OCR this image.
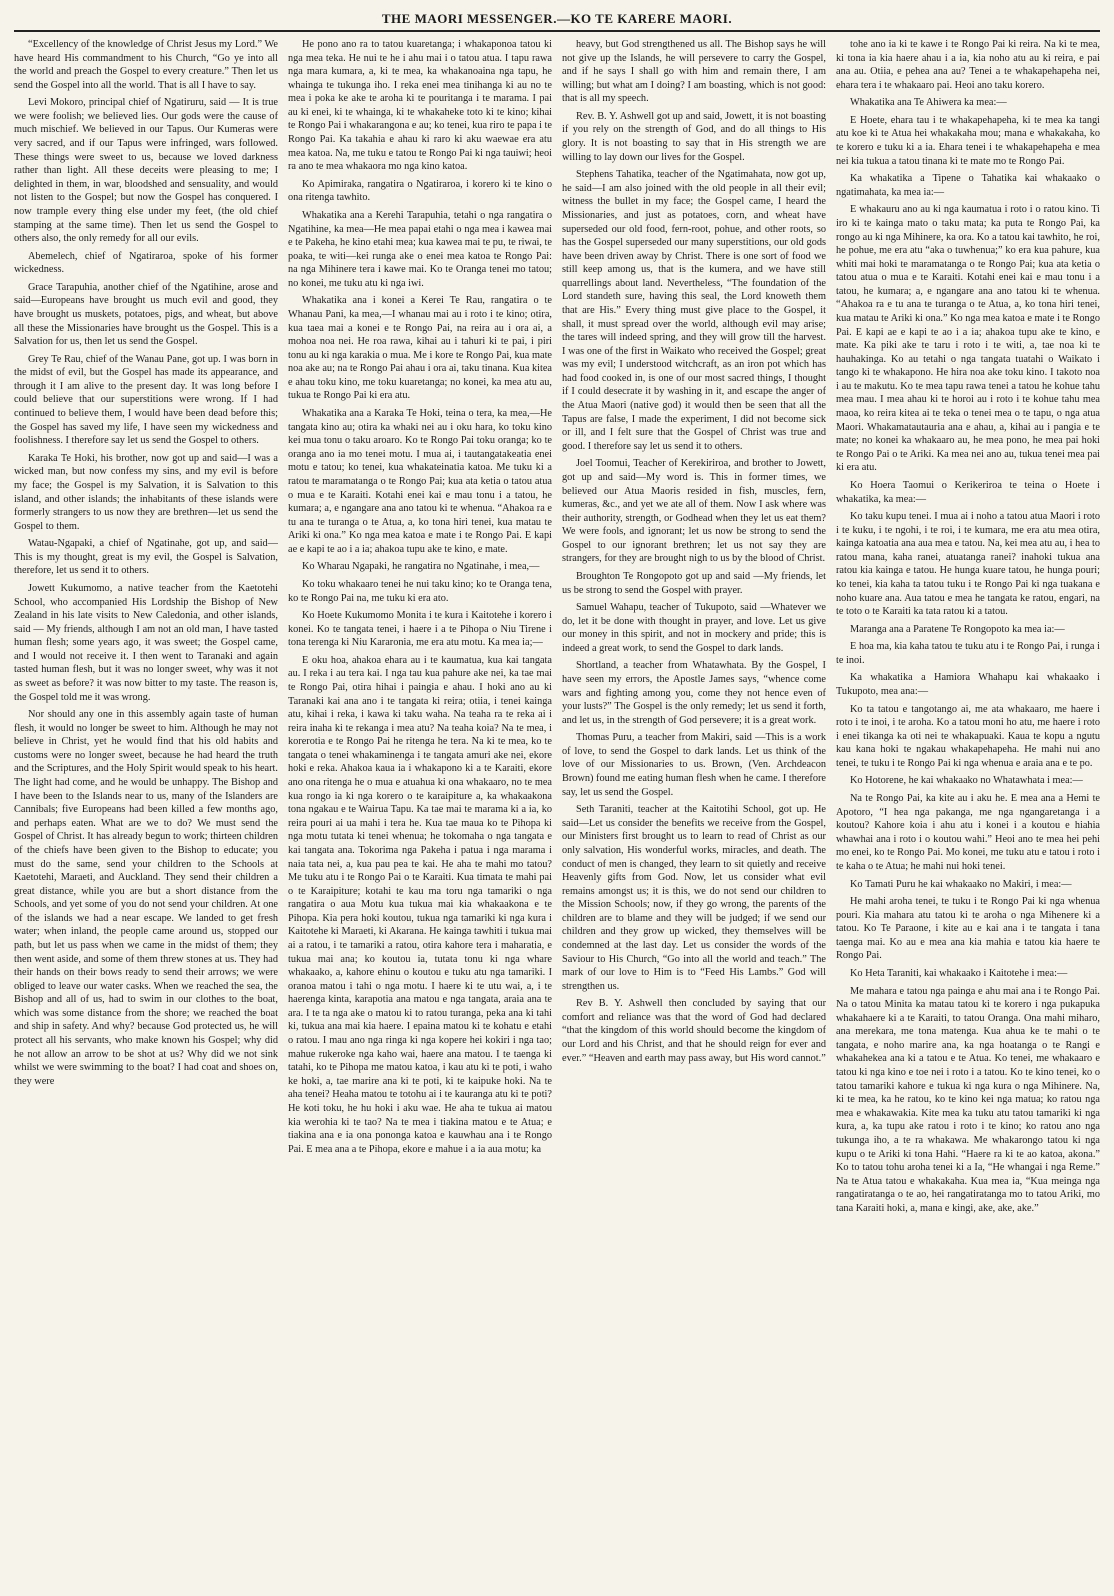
THE MAORI MESSENGER.—KO TE KARERE MAORI.

“Excellency of the knowledge of Christ Jesus my Lord.” We have heard His commandment to his Church, “Go ye into all the world and preach the Gospel to every creature.” Then let us send the Gospel into all the world. That is all I have to say.

Levi Mokoro, principal chief of Ngatiruru, said — It is true we were foolish; we believed lies. Our gods were the cause of much mischief. We believed in our Tapus. Our Kumeras were very sacred, and if our Tapus were infringed, wars followed. These things were sweet to us, because we loved darkness rather than light. All these deceits were pleasing to me; I delighted in them, in war, bloodshed and sensuality, and would not listen to the Gospel; but now the Gospel has conquered. I now trample every thing else under my feet, (the old chief stamping at the same time). Then let us send the Gospel to others also, the only remedy for all our evils.

Abemelech, chief of Ngatiraroa, spoke of his former wickedness.

Grace Tarapuhia, another chief of the Ngatihine, arose and said—Europeans have brought us much evil and good, they have brought us muskets, potatoes, pigs, and wheat, but above all these the Missionaries have brought us the Gospel. This is a Salvation for us, then let us send the Gospel.

Grey Te Rau, chief of the Wanau Pane, got up. I was born in the midst of evil, but the Gospel has made its appearance, and through it I am alive to the present day. It was long before I could believe that our superstitions were wrong. If I had continued to believe them, I would have been dead before this; the Gospel has saved my life, I have seen my wickedness and foolishness. I therefore say let us send the Gospel to others.

Karaka Te Hoki, his brother, now got up and said—I was a wicked man, but now confess my sins, and my evil is before my face; the Gospel is my Salvation, it is Salvation to this island, and other islands; the inhabitants of these islands were formerly strangers to us now they are brethren—let us send the Gospel to them.

Watau-Ngapaki, a chief of Ngatinahe, got up, and said—This is my thought, great is my evil, the Gospel is Salvation, therefore, let us send it to others.

Jowett Kukumomo, a native teacher from the Kaetotehi School, who accompanied His Lordship the Bishop of New Zealand in his late visits to New Caledonia, and other islands, said — My friends, although I am not an old man, I have tasted human flesh; some years ago, it was sweet; the Gospel came, and I would not receive it. I then went to Taranaki and again tasted human flesh, but it was no longer sweet, why was it not as sweet as before? it was now bitter to my taste. The reason is, the Gospel told me it was wrong.

Nor should any one in this assembly again taste of human flesh, it would no longer be sweet to him. Although he may not believe in Christ, yet he would find that his old habits and customs were no longer sweet, because he had heard the truth and the Scriptures, and the Holy Spirit would speak to his heart. The light had come, and he would be unhappy. The Bishop and I have been to the Islands near to us, many of the Islanders are Cannibals; five Europeans had been killed a few months ago, and perhaps eaten. What are we to do? We must send the Gospel of Christ. It has already begun to work; thirteen children of the chiefs have been given to the Bishop to educate; you must do the same, send your children to the Schools at Kaetotehi, Maraeti, and Auckland. They send their children a great distance, while you are but a short distance from the Schools, and yet some of you do not send your children. At one of the islands we had a near escape. We landed to get fresh water; when inland, the people came around us, stopped our path, but let us pass when we came in the midst of them; they then went aside, and some of them threw stones at us. They had their hands on their bows ready to send their arrows; we were obliged to leave our water casks. When we reached the sea, the Bishop and all of us, had to swim in our clothes to the boat, which was some distance from the shore; we reached the boat and ship in safety. And why? because God protected us, he will protect all his servants, who make known his Gospel; why did he not allow an arrow to be shot at us? Why did we not sink whilst we were swimming to the boat? I had coat and shoes on, they were

He pono ano ra to tatou kuaretanga; i whakaponoa tatou ki nga mea teka. He nui te he i ahu mai i o tatou atua. I tapu rawa nga mara kumara, a, ki te mea, ka whakanoaina nga tapu, he whainga te tukunga iho. I reka enei mea tinihanga ki au no te mea i poka ke ake te aroha ki te pouritanga i te marama. I pai au ki enei, ki te whainga, ki te whakaheke toto ki te kino; kihai te Rongo Pai i whakarangona e au; ko tenei, kua riro te papa i te Rongo Pai. Ka takahia e ahau ki raro ki aku waewae era atu mea katoa. Na, me tuku e tatou te Rongo Pai ki nga tauiwi; heoi ra ano te mea whakaora mo nga kino katoa.

Ko Apimiraka, rangatira o Ngatiraroa, i korero ki te kino o ona ritenga tawhito.

Whakatika ana a Kerehi Tarapuhia, tetahi o nga rangatira o Ngatihine, ka mea—He mea papai etahi o nga mea i kawea mai e te Pakeha, he kino etahi mea; kua kawea mai te pu, te riwai, te poaka, te witi—kei runga ake o enei mea katoa te Rongo Pai: na nga Mihinere tera i kawe mai. Ko te Oranga tenei mo tatou; no konei, me tuku atu ki nga iwi.

Whakatika ana i konei a Kerei Te Rau, rangatira o te Whanau Pani, ka mea,—I whanau mai au i roto i te kino; otira, kua taea mai a konei e te Rongo Pai, na reira au i ora ai, a mohoa noa nei. He roa rawa, kihai au i tahuri ki te pai, i piri tonu au ki nga karakia o mua. Me i kore te Rongo Pai, kua mate noa ake au; na te Rongo Pai ahau i ora ai, taku tinana. Kua kitea e ahau toku kino, me toku kuaretanga; no konei, ka mea atu au, tukua te Rongo Pai ki era atu.

Whakatika ana a Karaka Te Hoki, teina o tera, ka mea,—He tangata kino au; otira ka whaki nei au i oku hara, ko toku kino kei mua tonu o taku aroaro. Ko te Rongo Pai toku oranga; ko te oranga ano ia mo tenei motu. I mua ai, i tautangatakeatia enei motu e tatou; ko tenei, kua whakateinatia katoa. Me tuku ki a ratou te maramatanga o te Rongo Pai; kua ata ketia o tatou atua o mua e te Karaiti. Kotahi enei kai e mau tonu i a tatou, he kumara; a, e ngangare ana ano tatou ki te whenua. “Ahakoa ra e tu ana te turanga o te Atua, a, ko tona hiri tenei, kua matau te Ariki ki ona.” Ko nga mea katoa e mate i te Rongo Pai. E kapi ae e kapi te ao i a ia; ahakoa tupu ake te kino, e mate.

Ko Wharau Ngapaki, he rangatira no Ngatinahe, i mea,—

Ko toku whakaaro tenei he nui taku kino; ko te Oranga tena, ko te Rongo Pai na, me tuku ki era ato.

Ko Hoete Kukumomo Monita i te kura i Kaitotehe i korero i konei. Ko te tangata tenei, i haere i a te Pihopa o Niu Tirene i tona terenga ki Niu Kararonia, me era atu motu. Ka mea ia;—

E oku hoa, ahakoa ehara au i te kaumatua, kua kai tangata au. I reka i au tera kai. I nga tau kua pahure ake nei, ka tae mai te Rongo Pai, otira hihai i paingia e ahau. I hoki ano au ki Taranaki kai ana ano i te tangata ki reira; otiia, i tenei kainga atu, kihai i reka, i kawa ki taku waha. Na teaha ra te reka ai i reira inaha ki te rekanga i mea atu? Na teaha koia? Na te mea, i korerotia e te Rongo Pai he ritenga he tera. Na ki te mea, ko te tangata o tenei whakaminenga i te tangata amuri ake nei, ekore hoki e reka. Ahakoa kaua ia i whakapono ki a te Karaiti, ekore ano ona ritenga he o mua e atuahua ki ona whakaaro, no te mea kua rongo ia ki nga korero o te karaipiture a, ka whakaakona tona ngakau e te Wairua Tapu. Ka tae mai te marama ki a ia, ko reira pouri ai ua mahi i tera he. Kua tae maua ko te Pihopa ki nga motu tutata ki tenei whenua; he tokomaha o nga tangata e kai tangata ana. Tokorima nga Pakeha i patua i nga marama i naia tata nei, a, kua pau pea te kai. He aha te mahi mo tatou? Me tuku atu i te Rongo Pai o te Karaiti. Kua timata te mahi pai o te Karaipiture; kotahi te kau ma toru nga tamariki o nga rangatira o aua Motu kua tukua mai kia whakaakona e te Pihopa. Kia pera hoki koutou, tukua nga tamariki ki nga kura i Kaitotehe ki Maraeti, ki Akarana. He kainga tawhiti i tukua mai ai a ratou, i te tamariki a ratou, otira kahore tera i maharatia, e tukua mai ana; ko koutou ia, tutata tonu ki nga whare whakaako, a, kahore ehinu o koutou e tuku atu nga tamariki. I oranoa matou i tahi o nga motu. I haere ki te utu wai, a, i te haerenga kinta, karapotia ana matou e nga tangata, araia ana te ara. I te ta nga ake o matou ki to ratou turanga, peka ana ki tahi ki, tukua ana mai kia haere. I epaina matou ki te kohatu e etahi o ratou. I mau ano nga ringa ki nga kopere hei kokiri i nga tao; mahue rukeroke nga kaho wai, haere ana matou. I te taenga ki tatahi, ko te Pihopa me matou katoa, i kau atu ki te poti, i waho ke hoki, a, tae marire ana ki te poti, ki te kaipuke hoki. Na te aha tenei? Heaha matou te totohu ai i te kauranga atu ki te poti? He koti toku, he hu hoki i aku wae. He aha te tukua ai matou kia werohia ki te tao? Na te mea i tiakina matou e te Atua; e tiakina ana e ia ona pononga katoa e kauwhau ana i te Rongo Pai. E mea ana a te Pihopa, ekore e mahue i a ia aua motu; ka

heavy, but God strengthened us all. The Bishop says he will not give up the Islands, he will persevere to carry the Gospel, and if he says I shall go with him and remain there, I am willing; but what am I doing? I am boasting, which is not good: that is all my speech.

Rev. B. Y. Ashwell got up and said, Jowett, it is not boasting if you rely on the strength of God, and do all things to His glory. It is not boasting to say that in His strength we are willing to lay down our lives for the Gospel.

Stephens Tahatika, teacher of the Ngatimahata, now got up, he said—I am also joined with the old people in all their evil; witness the bullet in my face; the Gospel came, I heard the Missionaries, and just as potatoes, corn, and wheat have superseded our old food, fern-root, pohue, and other roots, so has the Gospel superseded our many superstitions, our old gods have been driven away by Christ. There is one sort of food we still keep among us, that is the kumera, and we have still quarrellings about land. Nevertheless, “The foundation of the Lord standeth sure, having this seal, the Lord knoweth them that are His.” Every thing must give place to the Gospel, it shall, it must spread over the world, although evil may arise; the tares will indeed spring, and they will grow till the harvest. I was one of the first in Waikato who received the Gospel; great was my evil; I understood witchcraft, as an iron pot which has had food cooked in, is one of our most sacred things, I thought if I could desecrate it by washing in it, and escape the anger of the Atua Maori (native god) it would then be seen that all the Tapus are false, I made the experiment, I did not become sick or ill, and I felt sure that the Gospel of Christ was true and good. I therefore say let us send it to others.

Joel Toomui, Teacher of Kerekiriroa, and brother to Jowett, got up and said—My word is. This in former times, we believed our Atua Maoris resided in fish, muscles, fern, kumeras, &c., and yet we ate all of them. Now I ask where was their authority, strength, or Godhead when they let us eat them? We were fools, and ignorant; let us now be strong to send the Gospel to our ignorant brethren; let us not say they are strangers, for they are brought nigh to us by the blood of Christ.

Broughton Te Rongopoto got up and said —My friends, let us be strong to send the Gospel with prayer.

Samuel Wahapu, teacher of Tukupoto, said —Whatever we do, let it be done with thought in prayer, and love. Let us give our money in this spirit, and not in mockery and pride; this is indeed a great work, to send the Gospel to dark lands.

Shortland, a teacher from Whatawhata. By the Gospel, I have seen my errors, the Apostle James says, “whence come wars and fighting among you, come they not hence even of your lusts?” The Gospel is the only remedy; let us send it forth, and let us, in the strength of God persevere; it is a great work.

Thomas Puru, a teacher from Makiri, said —This is a work of love, to send the Gospel to dark lands. Let us think of the love of our Missionaries to us. Brown, (Ven. Archdeacon Brown) found me eating human flesh when he came. I therefore say, let us send the Gospel.

Seth Taraniti, teacher at the Kaitotihi School, got up. He said—Let us consider the benefits we receive from the Gospel, our Ministers first brought us to learn to read of Christ as our only salvation, His wonderful works, miracles, and death. The conduct of men is changed, they learn to sit quietly and receive Heavenly gifts from God. Now, let us consider what evil remains amongst us; it is this, we do not send our children to the Mission Schools; now, if they go wrong, the parents of the children are to blame and they will be judged; if we send our children and they grow up wicked, they themselves will be condemned at the last day. Let us consider the words of the Saviour to His Church, “Go into all the world and teach.” The mark of our love to Him is to “Feed His Lambs.” God will strengthen us.

Rev B. Y. Ashwell then concluded by saying that our comfort and reliance was that the word of God had declared “that the kingdom of this world should become the kingdom of our Lord and his Christ, and that he should reign for ever and ever.” “Heaven and earth may pass away, but His word cannot.”

tohe ano ia ki te kawe i te Rongo Pai ki reira. Na ki te mea, ki tona ia kia haere ahau i a ia, kia noho atu au ki reira, e pai ana au. Otiia, e pehea ana au? Tenei a te whakapehapeha nei, ehara tera i te whakaaro pai. Heoi ano taku korero.

Whakatika ana Te Ahiwera ka mea:—

E Hoete, ehara tau i te whakapehapeha, ki te mea ka tangi atu koe ki te Atua hei whakakaha mou; mana e whakakaha, ko te korero e tuku ki a ia. Ehara tenei i te whakapehapeha e mea nei kia tukua a tatou tinana ki te mate mo te Rongo Pai.

Ka whakatika a Tipene o Tahatika kai whakaako o ngatimahata, ka mea ia:—

E whakauru ano au ki nga kaumatua i roto i o ratou kino. Ti iro ki te kainga mato o taku mata; ka puta te Rongo Pai, ka rongo au ki nga Mihinere, ka ora. Ko a tatou kai tawhito, he roi, he pohue, me era atu “aka o tuwhenua;” ko era kua pahure, kua whiti mai hoki te maramatanga o te Rongo Pai; kua ata ketia o tatou atua o mua e te Karaiti. Kotahi enei kai e mau tonu i a tatou, he kumara; a, e ngangare ana ano tatou ki te whenua. “Ahakoa ra e tu ana te turanga o te Atua, a, ko tona hiri tenei, kua matau te Ariki ki ona.” Ko nga mea katoa e mate i te Rongo Pai. E kapi ae e kapi te ao i a ia; ahakoa tupu ake te kino, e mate. Ka piki ake te taru i roto i te witi, a, tae noa ki te hauhakinga. Ko au tetahi o nga tangata tuatahi o Waikato i tango ki te whakapono. He hira noa ake toku kino. I takoto noa i au te makutu. Ko te mea tapu rawa tenei a tatou he kohue tahu mea mau. I mea ahau ki te horoi au i roto i te kohue tahu mea maoa, ko reira kitea ai te teka o tenei mea o te tapu, o nga atua Maori. Whakamatautauria ana e ahau, a, kihai au i pangia e te mate; no konei ka whakaaro au, he mea pono, he mea pai hoki te Rongo Pai o te Ariki. Ka mea nei ano au, tukua tenei mea pai ki era atu.

Ko Hoera Taomui o Kerikeriroa te teina o Hoete i whakatika, ka mea:—

Ko taku kupu tenei. I mua ai i noho a tatou atua Maori i roto i te kuku, i te ngohi, i te roi, i te kumara, me era atu mea otira, kainga katoatia ana aua mea e tatou. Na, kei mea atu au, i hea to ratou mana, kaha ranei, atuatanga ranei? inahoki tukua ana ratou kia kainga e tatou. He hunga kuare tatou, he hunga pouri; ko tenei, kia kaha ta tatou tuku i te Rongo Pai ki nga tuakana e noho kuare ana. Aua tatou e mea he tangata ke ratou, engari, na te toto o te Karaiti ka tata ratou ki a tatou.

Maranga ana a Paratene Te Rongopoto ka mea ia:—

E hoa ma, kia kaha tatou te tuku atu i te Rongo Pai, i runga i te inoi.

Ka whakatika a Hamiora Whahapu kai whakaako i Tukupoto, mea ana:—

Ko ta tatou e tangotango ai, me ata whakaaro, me haere i roto i te inoi, i te aroha. Ko a tatou moni ho atu, me haere i roto i enei tikanga ka oti nei te whakapuaki. Kaua te kopu a ngutu kau kana hoki te ngakau whakapehapeha. He mahi nui ano tenei, te tuku i te Rongo Pai ki nga whenua e araia ana e te po.

Ko Hotorene, he kai whakaako no Whatawhata i mea:—

Na te Rongo Pai, ka kite au i aku he. E mea ana a Hemi te Apotoro, “I hea nga pakanga, me nga ngangaretanga i a koutou? Kahore koia i ahu atu i konei i a koutou e hiahia whawhai ana i roto i o koutou wahi.” Heoi ano te mea hei pehi mo enei, ko te Rongo Pai. Mo konei, me tuku atu e tatou i roto i te kaha o te Atua; he mahi nui hoki tenei.

Ko Tamati Puru he kai whakaako no Makiri, i mea:—

He mahi aroha tenei, te tuku i te Rongo Pai ki nga whenua pouri. Kia mahara atu tatou ki te aroha o nga Mihenere ki a tatou. Ko Te Paraone, i kite au e kai ana i te tangata i tana taenga mai. Ko au e mea ana kia mahia e tatou kia haere te Rongo Pai.

Ko Heta Taraniti, kai whakaako i Kaitotehe i mea:—

Me mahara e tatou nga painga e ahu mai ana i te Rongo Pai. Na o tatou Minita ka matau tatou ki te korero i nga pukapuka whakahaere ki a te Karaiti, to tatou Oranga. Ona mahi miharo, ana merekara, me tona matenga. Kua ahua ke te mahi o te tangata, e noho marire ana, ka nga hoatanga o te Rangi e whakahekea ana ki a tatou e te Atua. Ko tenei, me whakaaro e tatou ki nga kino e toe nei i roto i a tatou. Ko te kino tenei, ko o tatou tamariki kahore e tukua ki nga kura o nga Mihinere. Na, ki te mea, ka he ratou, ko te kino kei nga matua; ko ratou nga mea e whakawakia. Kite mea ka tuku atu tatou tamariki ki nga kura, a, ka tupu ake ratou i roto i te kino; ko ratou ano nga tukunga iho, a te ra whakawa. Me whakarongo tatou ki nga kupu o te Ariki ki tona Hahi. “Haere ra ki te ao katoa, akona.” Ko to tatou tohu aroha tenei ki a Ia, “He whangai i nga Reme.” Na te Atua tatou e whakakaha. Kua mea ia, “Kua meinga nga rangatiratanga o te ao, hei rangatiratanga mo to tatou Ariki, mo tana Karaiti hoki, a, mana e kingi, ake, ake, ake.”
